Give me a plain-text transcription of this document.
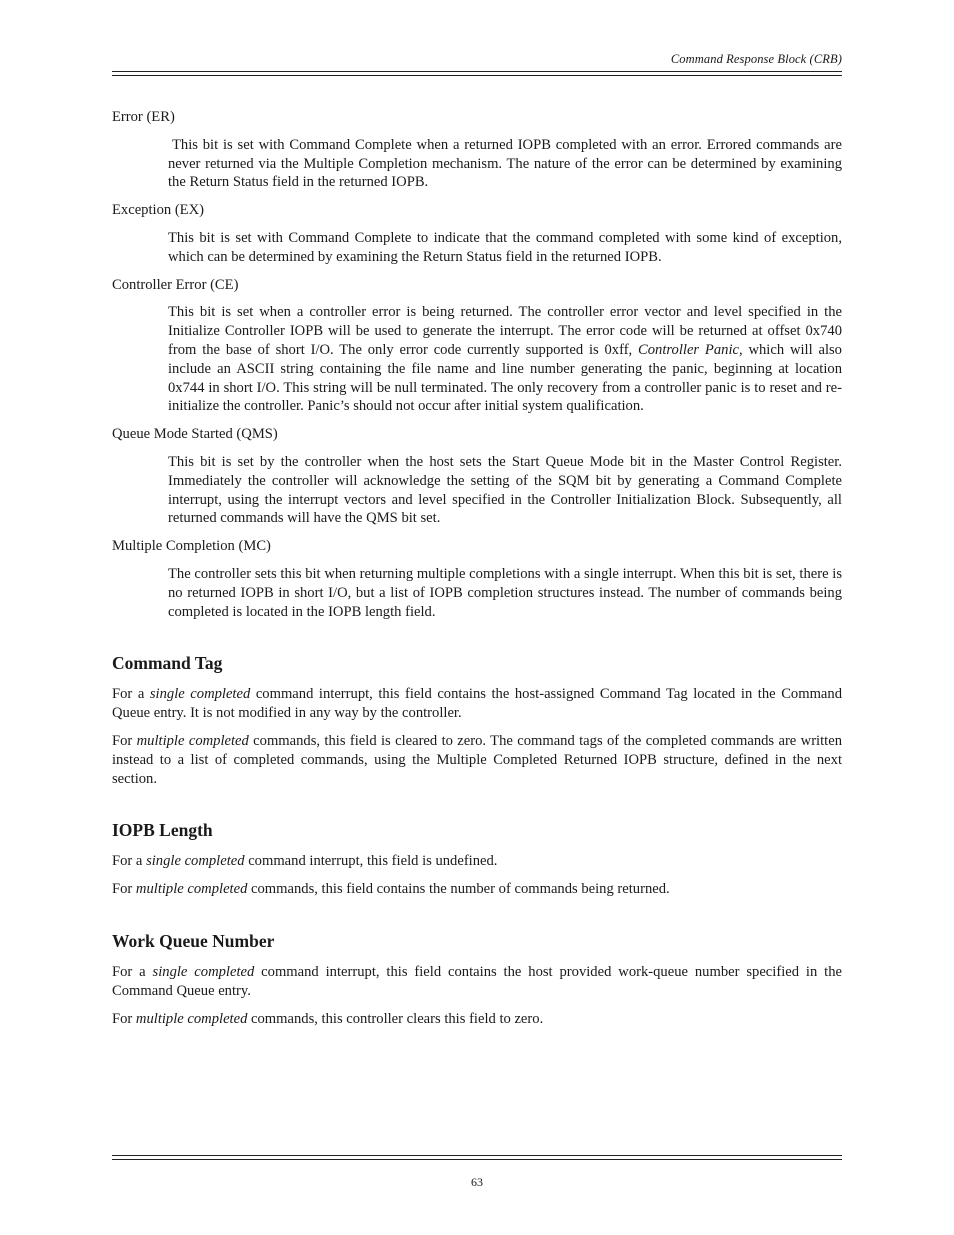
Command Response Block (CRB)

Error (ER)

This bit is set with Command Complete when a returned IOPB completed with an error. Errored commands are never returned via the Multiple Completion mechanism. The nature of the error can be determined by examining the Return Status field in the returned IOPB.

Exception (EX)

This bit is set with Command Complete to indicate that the command completed with some kind of exception, which can be determined by examining the Return Status field in the returned IOPB.

Controller Error (CE)

This bit is set when a controller error is being returned. The controller error vector and level specified in the Initialize Controller IOPB will be used to generate the interrupt. The error code will be returned at offset 0x740 from the base of short I/O. The only error code currently supported is 0xff, Controller Panic, which will also include an ASCII string containing the file name and line number generating the panic, beginning at location 0x744 in short I/O. This string will be null terminated. The only recovery from a controller panic is to reset and re-initialize the controller. Panic’s should not occur after initial system qualification.

Queue Mode Started (QMS)

This bit is set by the controller when the host sets the Start Queue Mode bit in the Master Control Register. Immediately the controller will acknowledge the setting of the SQM bit by generating a Command Complete interrupt, using the interrupt vectors and level specified in the Controller Initialization Block. Subsequently, all returned commands will have the QMS bit set.

Multiple Completion (MC)

The controller sets this bit when returning multiple completions with a single interrupt. When this bit is set, there is no returned IOPB in short I/O, but a list of IOPB completion structures instead. The number of commands being completed is located in the IOPB length field.

Command Tag

For a single completed command interrupt, this field contains the host-assigned Command Tag located in the Command Queue entry. It is not modified in any way by the controller.

For multiple completed commands, this field is cleared to zero. The command tags of the completed commands are written instead to a list of completed commands, using the Multiple Completed Returned IOPB structure, defined in the next section.

IOPB Length

For a single completed command interrupt, this field is undefined.

For multiple completed commands, this field contains the number of commands being returned.

Work Queue Number

For a single completed command interrupt, this field contains the host provided work-queue number specified in the Command Queue entry.

For multiple completed commands, this controller clears this field to zero.

63
